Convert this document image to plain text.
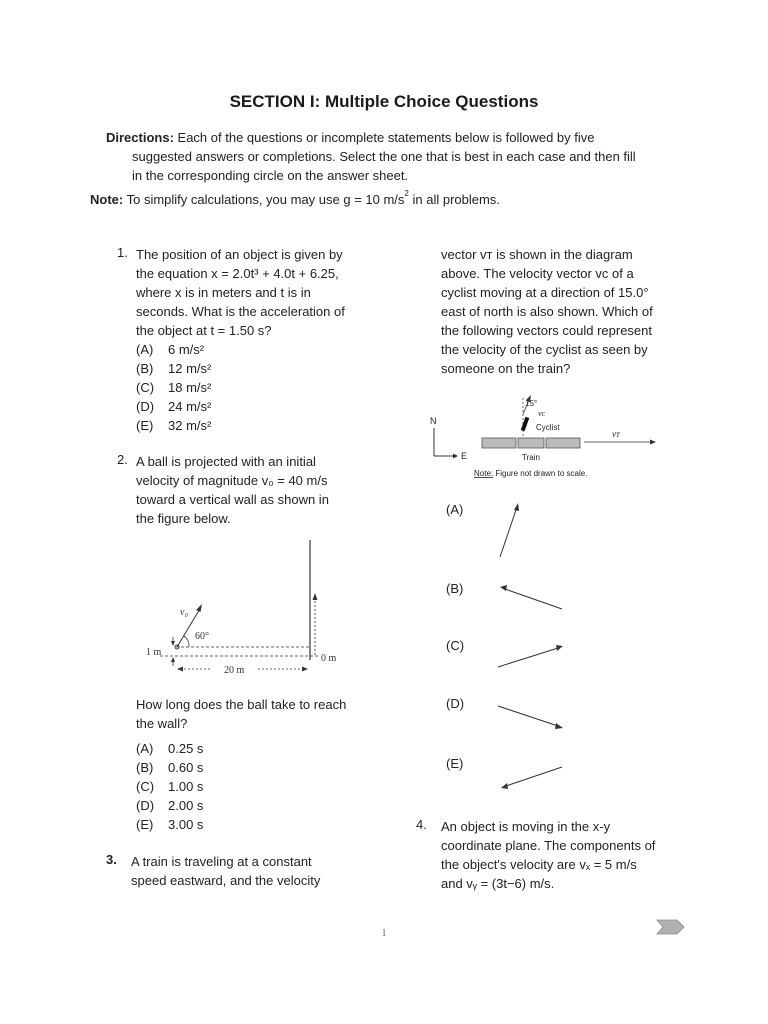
SECTION I: Multiple Choice Questions
Directions: Each of the questions or incomplete statements below is followed by five
suggested answers or completions. Select the one that is best in each case and then fill
in the corresponding circle on the answer sheet.
Note: To simplify calculations, you may use g = 10 $m/s^2$ in all problems.
1. The position of an object is given by
the equation x = 2.0t³ + 4.0t + 6.25,
where x is in meters and t is in
seconds. What is the acceleration of
the object at t = 1.50 s?
(A) 6 m/s²
(B) 12 m/s²
(C) 18 m/s²
(D) 24 m/s²
(E) 32 m/s²
2. A ball is projected with an initial
velocity of magnitude v₀ = 40 m/s
toward a vertical wall as shown in
the figure below.
v₀
60°
1 m
20 m
0 m
How long does the ball take to reach
the wall?
(A) 0.25 s
(B) 0.60 s
(C) 1.00 s
(D) 2.00 s
(E) 3.00 s
3. A train is traveling at a constant
speed eastward, and the velocity
vector vᴛ is shown in the diagram
above. The velocity vector vᴄ of a
cyclist moving at a direction of 15.0°
east of north is also shown. Which of
the following vectors could represent
the velocity of the cyclist as seen by
someone on the train?
N
E
vᴛ
15°
vᴄ
Cyclist
Train
Note: Figure not drawn to scale.
(A)
(B)
(C)
(D)
(E)
4. An object is moving in the x-y
coordinate plane. The components of
the object's velocity are vₓ = 5 m/s
and vᵧ = (3t−6) m/s.
1
